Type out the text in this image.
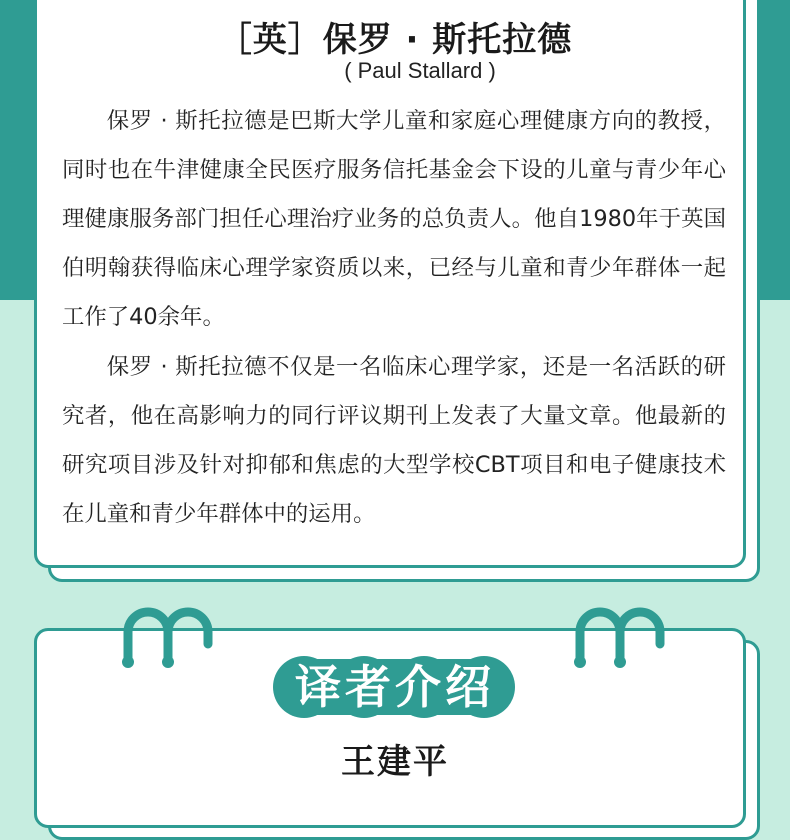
［英］保罗 · 斯托拉德
( Paul Stallard )

保罗 · 斯托拉德是巴斯大学儿童和家庭心理健康方向的教授，同时也在牛津健康全民医疗服务信托基金会下设的儿童与青少年心理健康服务部门担任心理治疗业务的总负责人。他自1980年于英国伯明翰获得临床心理学家资质以来，已经与儿童和青少年群体一起工作了40余年。

保罗 · 斯托拉德不仅是一名临床心理学家，还是一名活跃的研究者，他在高影响力的同行评议期刊上发表了大量文章。他最新的研究项目涉及针对抑郁和焦虑的大型学校CBT项目和电子健康技术在儿童和青少年群体中的运用。

译者介绍
王建平
